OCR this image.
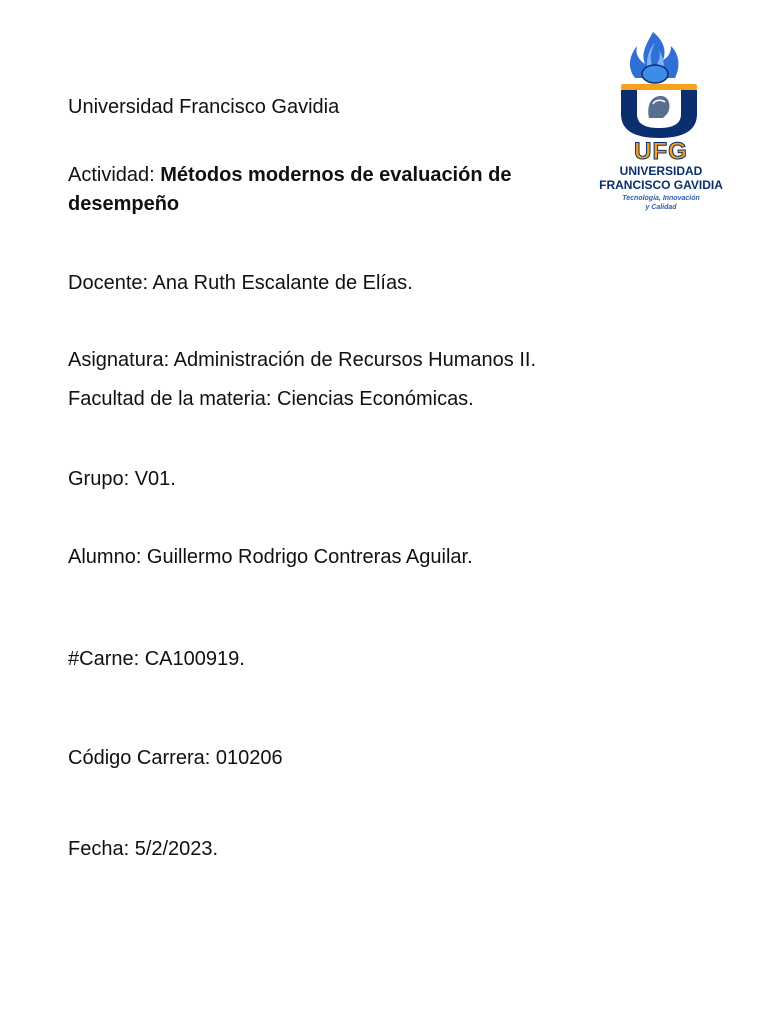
Universidad Francisco Gavidia

Actividad: Métodos modernos de evaluación de desempeño

Docente: Ana Ruth Escalante de Elías.

Asignatura: Administración de Recursos Humanos II.

Facultad de la materia: Ciencias Económicas.

Grupo: V01.

Alumno: Guillermo Rodrigo Contreras Aguilar.

#Carne: CA100919.

Código Carrera: 010206

Fecha: 5/2/2023.

UFG
UNIVERSIDAD
FRANCISCO GAVIDIA
Tecnología, Innovación
y Calidad
